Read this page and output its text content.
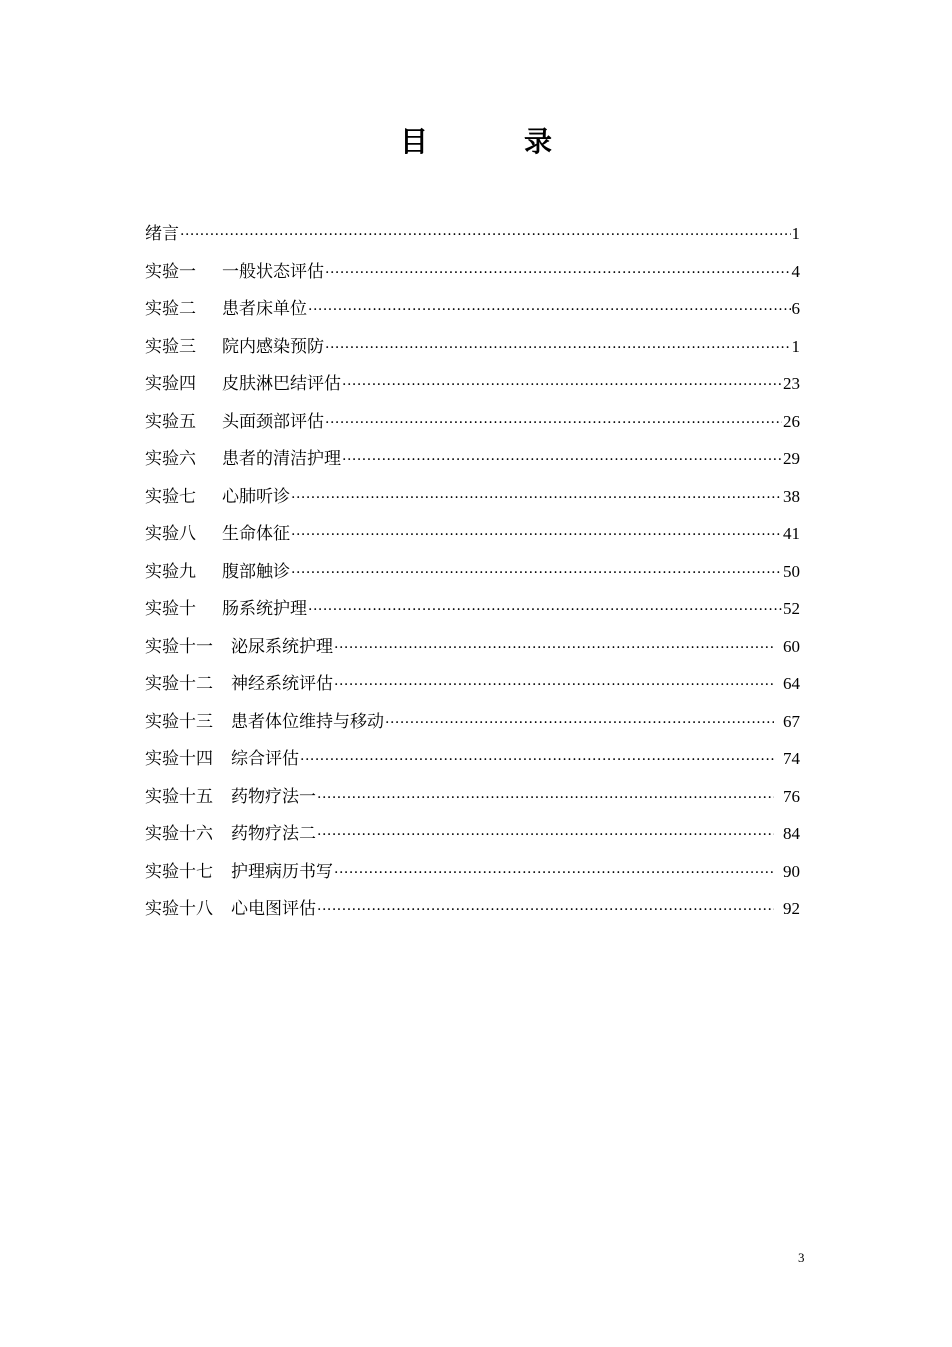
目	录
绪言 ·····	1
实验一 一般状态评估 ·····	4
实验二 患者床单位 ·····	6
实验三 院内感染预防 ·····	1
实验四 皮肤淋巴结评估 ·····	23
实验五 头面颈部评估 ·····	26
实验六 患者的清洁护理 ·····	29
实验七 心肺听诊 ·····	38
实验八 生命体征 ·····	41
实验九 腹部触诊 ·····	50
实验十 肠系统护理 ·····	52
实验十一 泌尿系统护理 ·····	60
实验十二 神经系统评估 ·····	64
实验十三 患者体位维持与移动 ·····	67
实验十四 综合评估 ·····	74
实验十五 药物疗法一 ·····	76
实验十六 药物疗法二 ·····	84
实验十七 护理病历书写 ·····	90
实验十八 心电图评估 ·····	92
3
